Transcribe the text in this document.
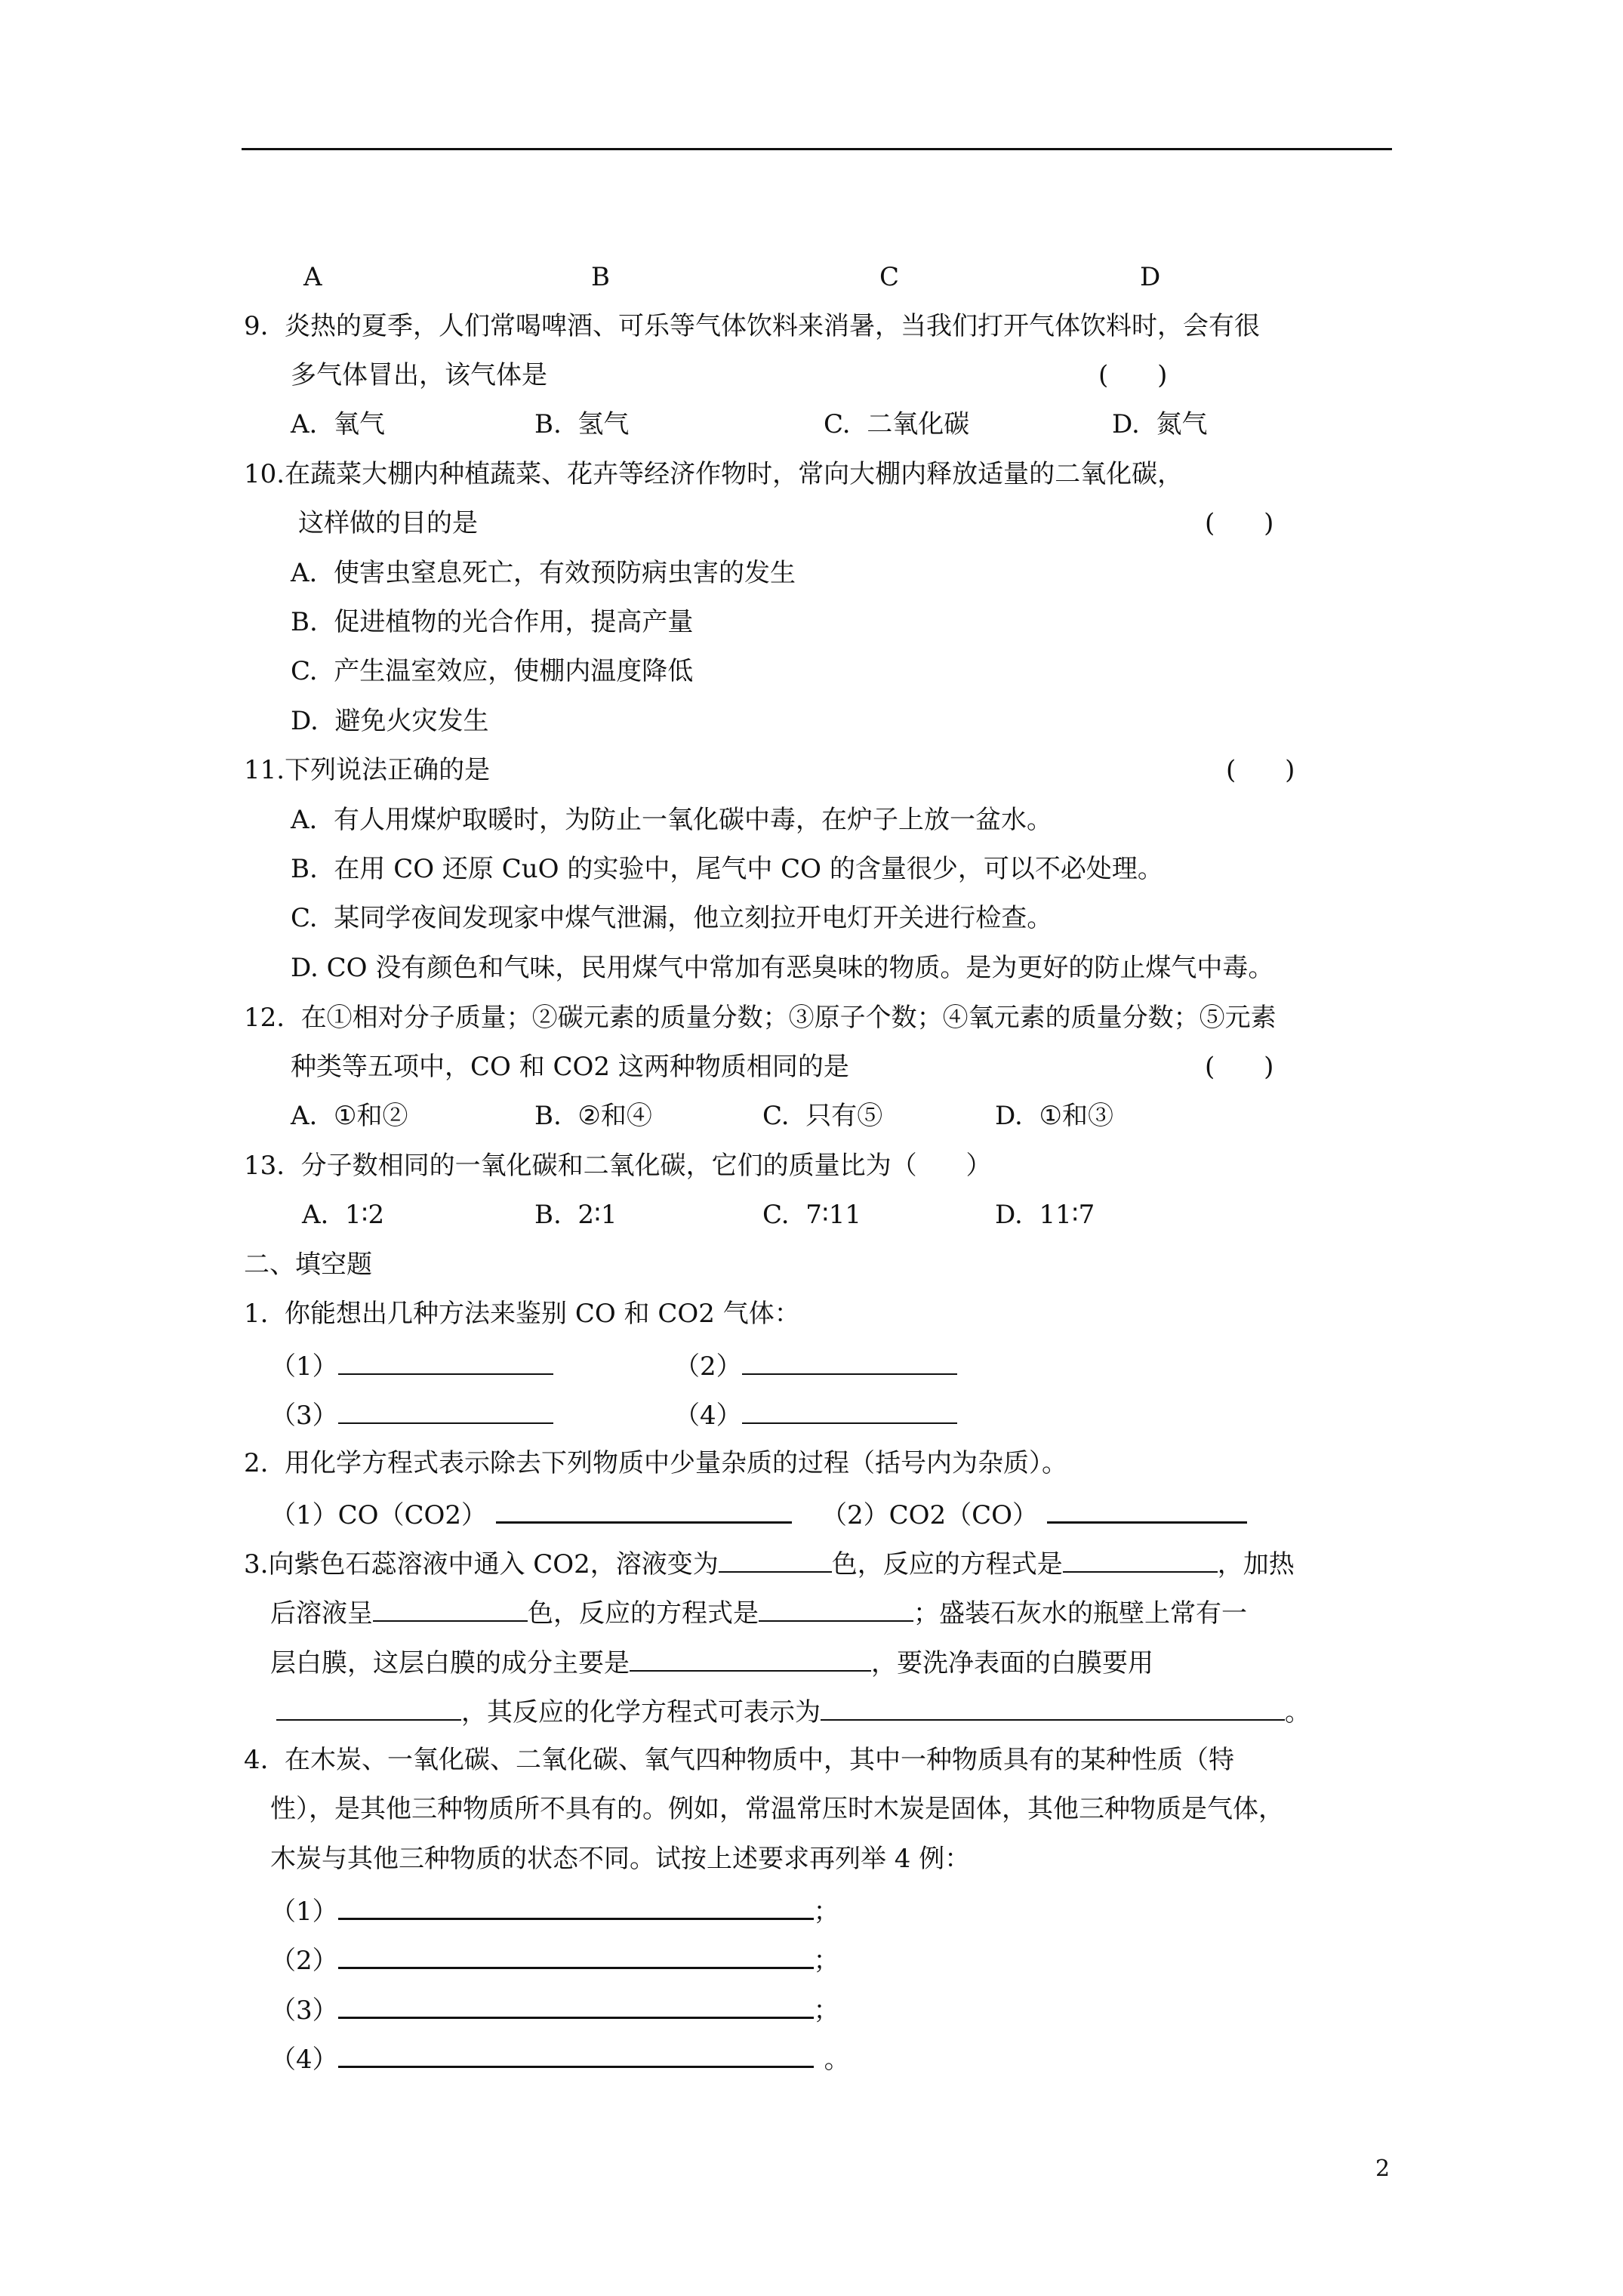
A	B	C	D
9.  炎热的夏季，人们常喝啤酒、可乐等气体饮料来消暑，当我们打开气体饮料时，会有很
多气体冒出，该气体是	(      )
A.  氧气	B.  氢气	C.  二氧化碳	D.  氮气
10.在蔬菜大棚内种植蔬菜、花卉等经济作物时，常向大棚内释放适量的二氧化碳，
这样做的目的是	(      )
A.  使害虫窒息死亡，有效预防病虫害的发生
B.  促进植物的光合作用，提高产量
C.  产生温室效应，使棚内温度降低
D.  避免火灾发生
11.下列说法正确的是	(      )
A.  有人用煤炉取暖时，为防止一氧化碳中毒，在炉子上放一盆水。
B.  在用 CO 还原 CuO 的实验中，尾气中 CO 的含量很少，可以不必处理。
C.  某同学夜间发现家中煤气泄漏，他立刻拉开电灯开关进行检查。
D. CO 没有颜色和气味，民用煤气中常加有恶臭味的物质。是为更好的防止煤气中毒。
12.  在①相对分子质量；②碳元素的质量分数；③原子个数；④氧元素的质量分数；⑤元素
种类等五项中，CO 和 CO2 这两种物质相同的是	(      )
A.  ①和②	B.  ②和④	C.  只有⑤	D.  ①和③
13.  分子数相同的一氧化碳和二氧化碳，它们的质量比为（      ）
A.  1∶2	B.  2∶1	C.  7∶11	D.  11∶7
二、填空题
1.  你能想出几种方法来鉴别 CO 和 CO2 气体：
（1）	（2）
（3）	（4）
2.  用化学方程式表示除去下列物质中少量杂质的过程（括号内为杂质）。
（1）CO（CO2）	（2）CO2（CO）
3.向紫色石蕊溶液中通入 CO2，溶液变为	色，反应的方程式是	，加热
后溶液呈	色，反应的方程式是	；盛装石灰水的瓶壁上常有一
层白膜，这层白膜的成分主要是	，要洗净表面的白膜要用
，其反应的化学方程式可表示为	。
4.  在木炭、一氧化碳、二氧化碳、氧气四种物质中，其中一种物质具有的某种性质（特
性），是其他三种物质所不具有的。例如，常温常压时木炭是固体，其他三种物质是气体，
木炭与其他三种物质的状态不同。试按上述要求再列举 4 例：
（1）	；
（2）	；
（3）	；
（4）	。
2
